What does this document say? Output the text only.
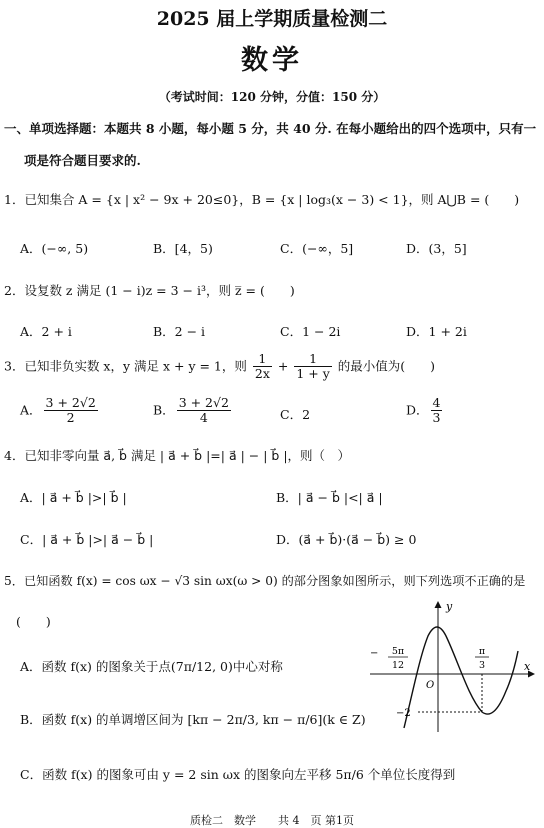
2025 届上学期质量检测二
数学
（考试时间：120 分钟，分值：150 分）
一、单项选择题：本题共 8 小题，每小题 5 分，共 40 分. 在每小题给出的四个选项中，只有一
项是符合题目要求的.
1．已知集合 A = {x | x² − 9x + 20≤0}，B = {x | log₃(x − 3) < 1}，则 A⋃B = (　　)
A．(−∞, 5)	B．[4，5)	C．(−∞，5]	D．(3，5]
2．设复数 z 满足 (1 − i)z = 3 − i³，则 z̅ = (　　)
A．2 + i	B．2 − i	C．1 − 2i	D．1 + 2i
3．已知非负实数 x，y 满足 x + y = 1，则 $\frac{1}{2x} + \frac{1}{1 + y}$ 的最小值为(　　)
A． $\frac{3 + 2√2}{2}$	B． $\frac{3 + 2√2}{4}$	C．2	D． $\frac{4}{3}$
4．已知非零向量 a⃗, b⃗ 满足 | a⃗ + b⃗ |=| a⃗ | − | b⃗ |，则（　）
A．| a⃗ + b⃗ |>| b⃗ |	B．| a⃗ − b⃗ |<| a⃗ |
C．| a⃗ + b⃗ |>| a⃗ − b⃗ |	D．(a⃗ + b⃗)·(a⃗ − b⃗) ≥ 0
5．已知函数 f(x) = cos ωx − √3 sin ωx(ω > 0) 的部分图象如图所示，则下列选项不正确的是
(　　)
A．函数 f(x) 的图象关于点(7π/12, 0)中心对称
B．函数 f(x) 的单调增区间为 [kπ − 2π/3, kπ − π/6](k ∈ Z)
C．函数 f(x) 的图象可由 y = 2 sin ωx 的图象向左平移 5π/6 个单位长度得到
y
x
O
− 5π
12
π
3
−2
质检二　数学　　共 4　页 第1页
